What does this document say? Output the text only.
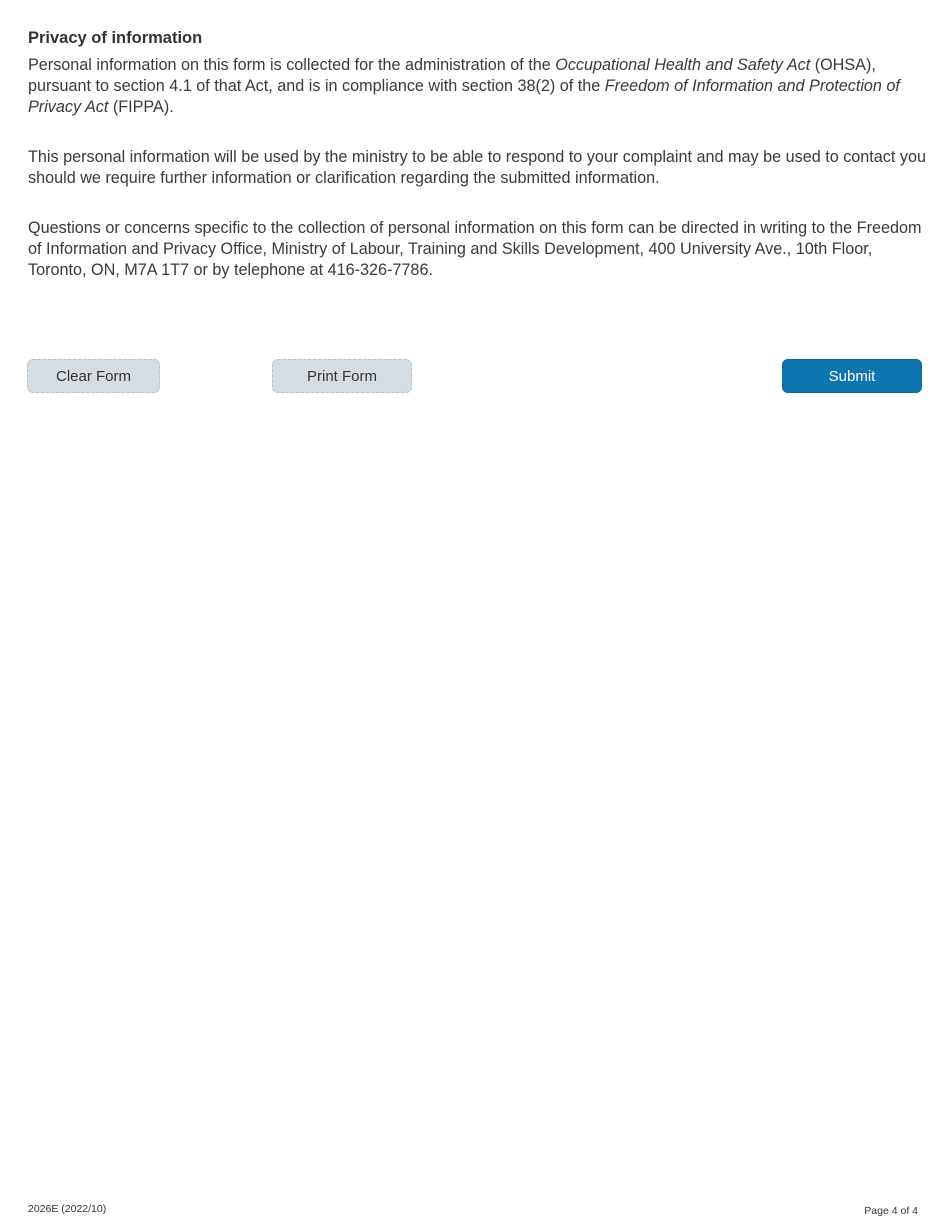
Privacy of information

Personal information on this form is collected for the administration of the Occupational Health and Safety Act (OHSA), pursuant to section 4.1 of that Act, and is in compliance with section 38(2) of the Freedom of Information and Protection of Privacy Act (FIPPA).

This personal information will be used by the ministry to be able to respond to your complaint and may be used to contact you should we require further information or clarification regarding the submitted information.

Questions or concerns specific to the collection of personal information on this form can be directed in writing to the Freedom of Information and Privacy Office, Ministry of Labour, Training and Skills Development, 400 University Ave., 10th Floor, Toronto, ON, M7A 1T7 or by telephone at 416-326-7786.

Clear Form	Print Form	Submit
2026E (2022/10)	Page 4 of 4
